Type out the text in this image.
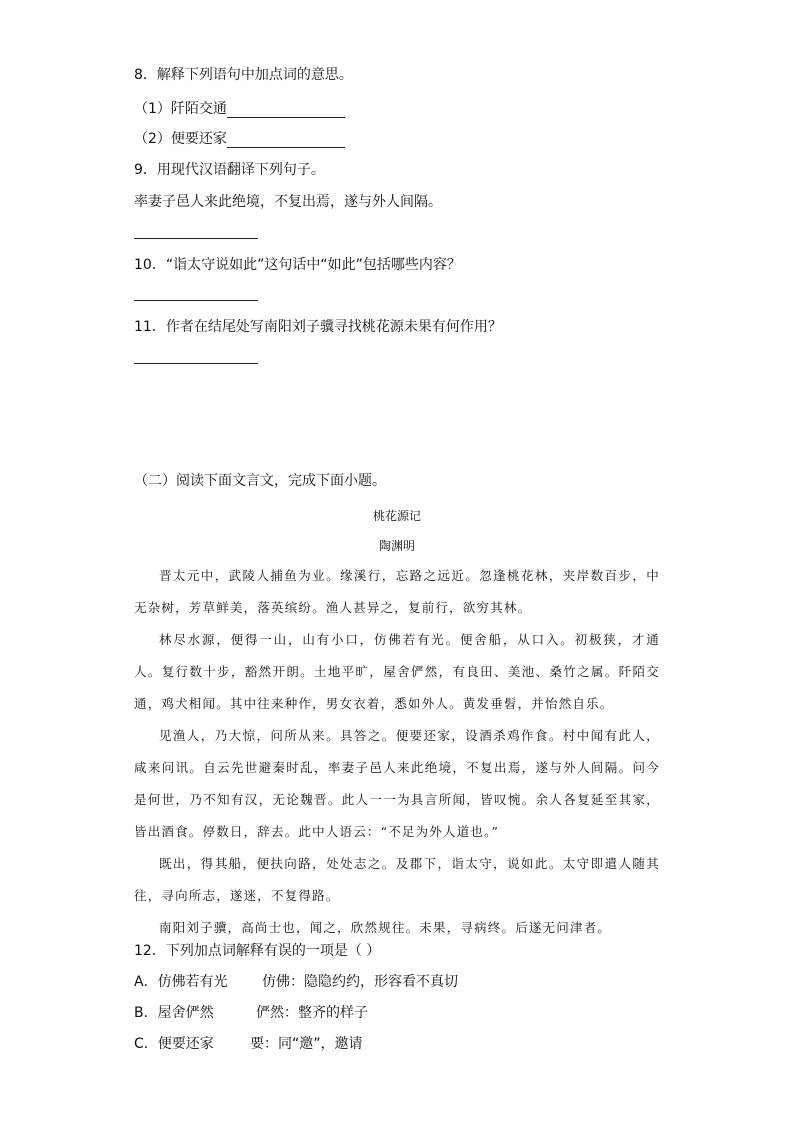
8．解释下列语句中加点词的意思。
（1）阡陌交通
（2）便要还家
9．用现代汉语翻译下列句子。
率妻子邑人来此绝境，不复出焉，遂与外人间隔。
10．“诣太守说如此”这句话中“如此”包括哪些内容？
11．作者在结尾处写南阳刘子骥寻找桃花源未果有何作用？
（二）阅读下面文言文，完成下面小题。
桃花源记
陶渊明

晋太元中，武陵人捕鱼为业。缘溪行，忘路之远近。忽逢桃花林，夹岸数百步，中无杂树，芳草鲜美，落英缤纷。渔人甚异之，复前行，欲穷其林。

林尽水源，便得一山，山有小口，仿佛若有光。便舍船，从口入。初极狭，才通人。复行数十步，豁然开朗。土地平旷，屋舍俨然，有良田、美池、桑竹之属。阡陌交通，鸡犬相闻。其中往来种作，男女衣着，悉如外人。黄发垂髫，并怡然自乐。

见渔人，乃大惊，问所从来。具答之。便要还家，设酒杀鸡作食。村中闻有此人，咸来问讯。自云先世避秦时乱，率妻子邑人来此绝境，不复出焉，遂与外人间隔。问今是何世，乃不知有汉，无论魏晋。此人一一为具言所闻，皆叹惋。余人各复延至其家，皆出酒食。停数日，辞去。此中人语云：“不足为外人道也。”

既出，得其船，便扶向路，处处志之。及郡下，诣太守，说如此。太守即遣人随其往，寻向所志，遂迷，不复得路。

南阳刘子骥，高尚士也，闻之，欣然规往。未果，寻病终。后遂无问津者。

12．下列加点词解释有误的一项是（ ）
A．仿佛若有光 仿佛：隐隐约约，形容看不真切
B．屋舍俨然	俨然：整齐的样子
C．便要还家	要：同“邀”，邀请
